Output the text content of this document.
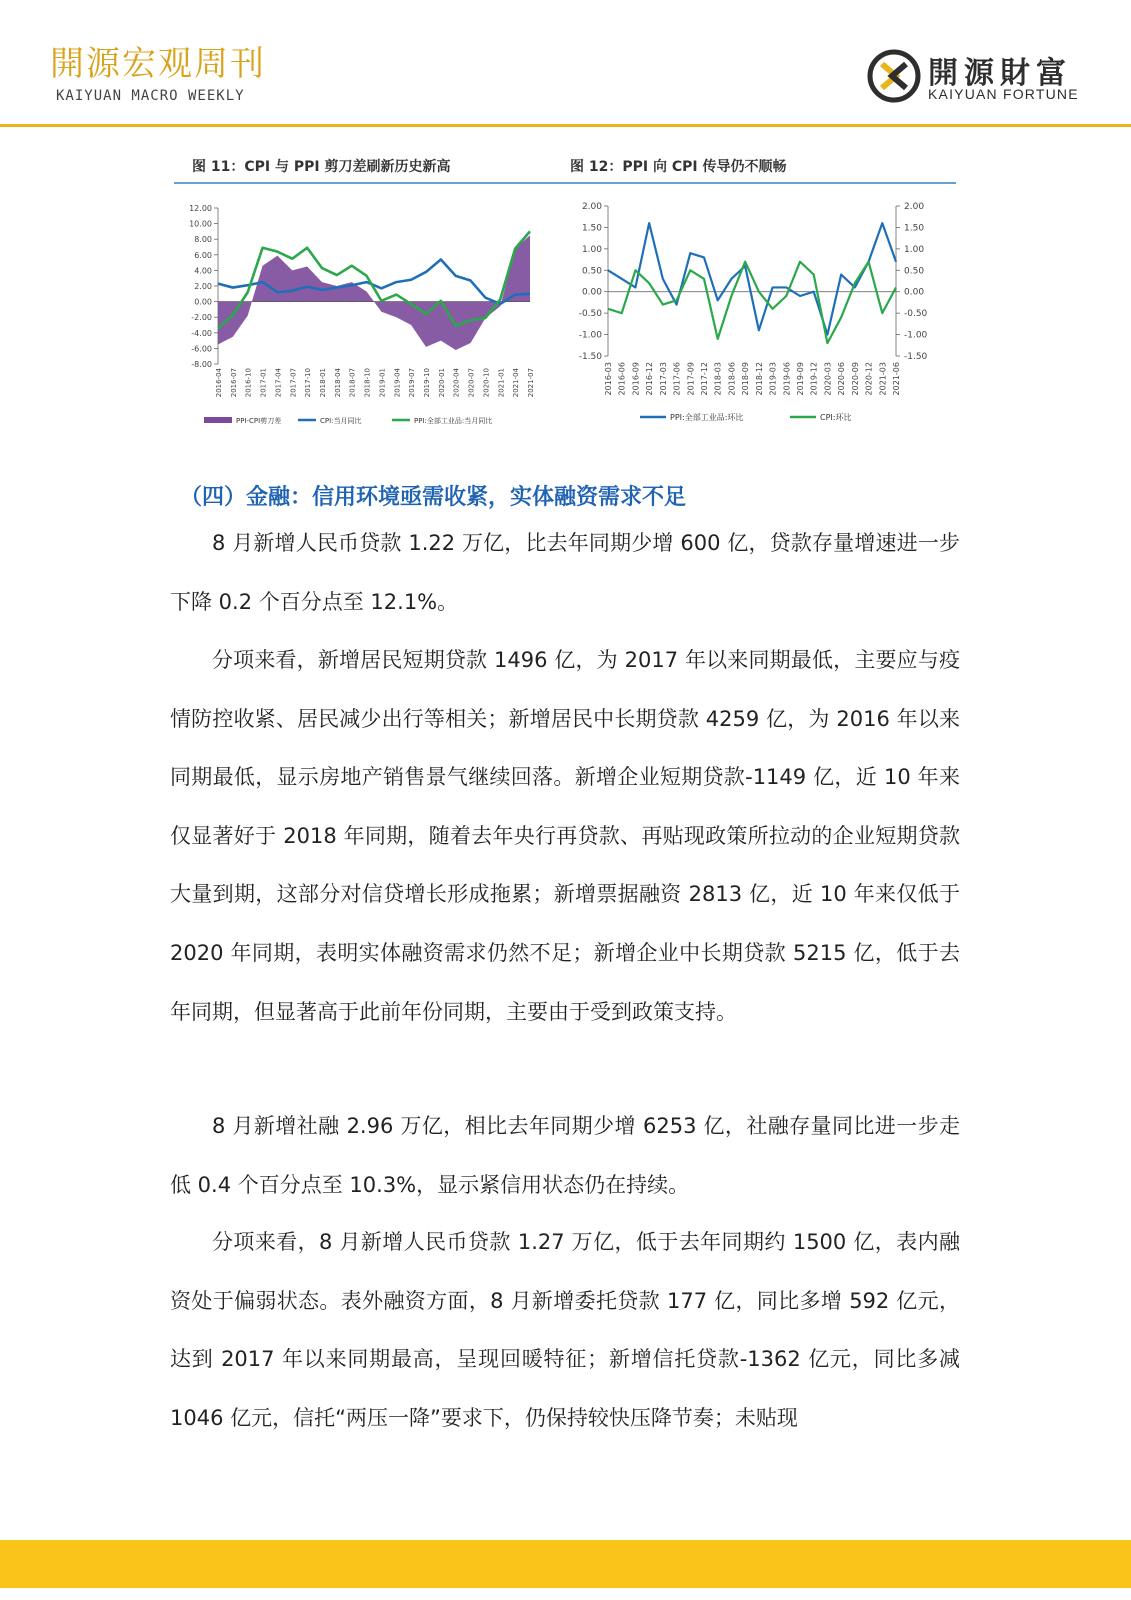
開源宏观周刊
KAIYUAN MACRO WEEKLY
開源財富
KAIYUAN FORTUNE
图 11：CPI 与 PPI 剪刀差刷新历史新高	图 12：PPI 向 CPI 传导仍不顺畅
12.00
10.00
8.00
6.00
4.00
2.00
0.00
-2.00
-4.00
-6.00
-8.00
2016-04 2016-07 2016-10 2017-01 2017-04 2017-07 2017-10 2018-01 2018-04 2018-07 2018-10 2019-01 2019-04 2019-07 2019-10 2020-01 2020-04 2020-07 2020-10 2021-01 2021-04 2021-07
PPI-CPI剪刀差	CPI:当月同比	PPI:全部工业品:当月同比
2.00	2.00
1.50	1.50
1.00	1.00
0.50	0.50
0.00	0.00
-0.50	-0.50
-1.00	-1.00
-1.50	-1.50
2016-03 2016-06 2016-09 2016-12 2017-03 2017-06 2017-09 2017-12 2018-03 2018-06 2018-09 2018-12 2019-03 2019-06 2019-09 2019-12 2020-03 2020-06 2020-09 2020-12 2021-03 2021-06
PPI:全部工业品:环比	CPI:环比
（四）金融：信用环境亟需收紧，实体融资需求不足

8 月新增人民币贷款 1.22 万亿，比去年同期少增 600 亿，贷款存量增速进一步下降 0.2 个百分点至 12.1%。

分项来看，新增居民短期贷款 1496 亿，为 2017 年以来同期最低，主要应与疫情防控收紧、居民减少出行等相关；新增居民中长期贷款 4259 亿，为 2016 年以来同期最低，显示房地产销售景气继续回落。新增企业短期贷款-1149 亿，近 10 年来仅显著好于 2018 年同期，随着去年央行再贷款、再贴现政策所拉动的企业短期贷款大量到期，这部分对信贷增长形成拖累；新增票据融资 2813 亿，近 10 年来仅低于 2020 年同期，表明实体融资需求仍然不足；新增企业中长期贷款 5215 亿，低于去年同期，但显著高于此前年份同期，主要由于受到政策支持。

8 月新增社融 2.96 万亿，相比去年同期少增 6253 亿，社融存量同比进一步走低 0.4 个百分点至 10.3%，显示紧信用状态仍在持续。

分项来看，8 月新增人民币贷款 1.27 万亿，低于去年同期约 1500 亿，表内融资处于偏弱状态。表外融资方面，8 月新增委托贷款 177 亿，同比多增 592 亿元，达到 2017 年以来同期最高，呈现回暖特征；新增信托贷款-1362 亿元，同比多减 1046 亿元，信托“两压一降”要求下，仍保持较快压降节奏；未贴现
